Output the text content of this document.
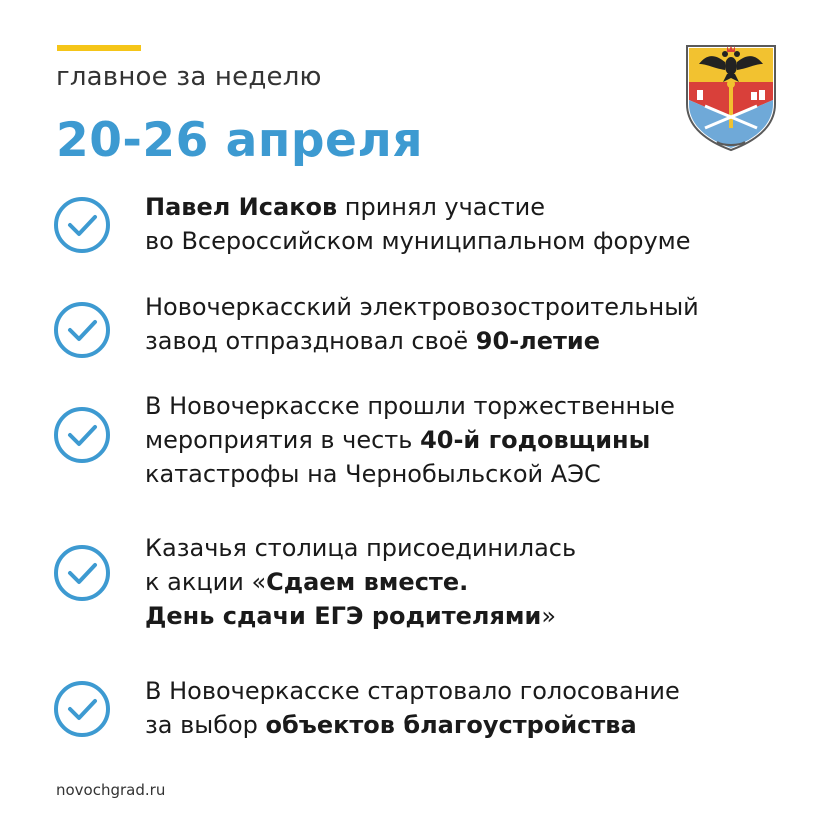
главное за неделю
20-26 апреля
Павел Исаков принял участие
во Всероссийском муниципальном форуме
Новочеркасский электровозостроительный
завод отпраздновал своё 90-летие
В Новочеркасске прошли торжественные
мероприятия в честь 40-й годовщины
катастрофы на Чернобыльской АЭС
Казачья столица присоединилась
к акции «Сдаем вместе.
День сдачи ЕГЭ родителями»
В Новочеркасске стартовало голосование
за выбор объектов благоустройства
novochgrad.ru
